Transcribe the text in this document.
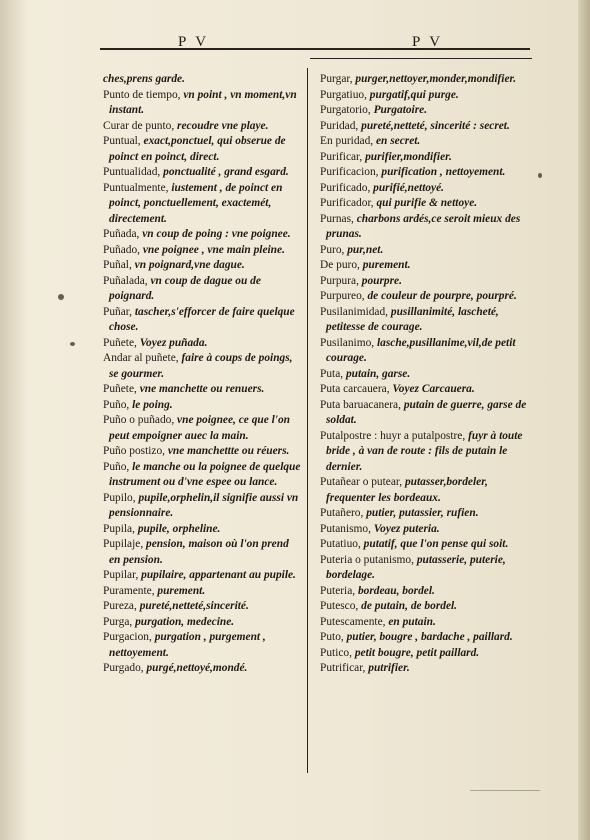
P V	P V

ches,prens garde.

Punto de tiempo, vn point , vn moment,vn instant.

Curar de punto, recoudre vne playe.

Puntual, exact,ponctuel, qui obserue de poinct en poinct, direct.

Puntualidad, ponctualité , grand esgard.

Puntualmente, iustement , de poinct en poinct, ponctuellement, exactemét, directement.

Puñada, vn coup de poing : vne poignee.

Puñado, vne poignee , vne main pleine.

Puñal, vn poignard,vne dague.

Puñalada, vn coup de dague ou de poignard.

Puñar, tascher,s'efforcer de faire quelque chose.

Puñete, Voyez puñada.

Andar al puñete, faire à coups de poings, se gourmer.

Puñete, vne manchette ou renuers.

Puño, le poing.

Puño o puñado, vne poignee, ce que l'on peut empoigner auec la main.

Puño postizo, vne manchettte ou réuers.

Puño, le manche ou la poignee de quelque instrument ou d'vne espee ou lance.

Pupilo, pupile,orphelin,il signifie aussi vn pensionnaire.

Pupila, pupile, orpheline.

Pupilaje, pension, maison où l'on prend en pension.

Pupilar, pupilaire, appartenant au pupile.

Puramente, purement.

Pureza, pureté,netteté,sincerité.

Purga, purgation, medecine.

Purgacion, purgation , purgement , nettoyement.

Purgado, purgé,nettoyé,mondé.

Purgar, purger,nettoyer,monder,mondifier.

Purgatiuo, purgatif,qui purge.

Purgatorio, Purgatoire.

Puridad, pureté,netteté, sincerité : secret.

En puridad, en secret.

Purificar, purifier,mondifier.

Purificacion, purification , nettoyement.

Purificado, purifié,nettoyé.

Purificador, qui purifie & nettoye.

Purnas, charbons ardés,ce seroit mieux des prunas.

Puro, pur,net.

De puro, purement.

Purpura, pourpre.

Purpureo, de couleur de pourpre, pourpré.

Pusilanimidad, pusillanimité, lascheté, petitesse de courage.

Pusilanimo, lasche,pusillanime,vil,de petit courage.

Puta, putain, garse.

Puta carcauera, Voyez Carcauera.

Puta baruacanera, putain de guerre, garse de soldat.

Putalpostre : huyr a putalpostre, fuyr à toute bride , à van de route : fils de putain le dernier.

Putañear o putear, putasser,bordeler, frequenter les bordeaux.

Putañero, putier, putassier, rufien.

Putanismo, Voyez puteria.

Putatiuo, putatif, que l'on pense qui soit.

Puteria o putanismo, putasserie, puterie, bordelage.

Puteria, bordeau, bordel.

Putesco, de putain, de bordel.

Putescamente, en putain.

Puto, putier, bougre , bardache , paillard.

Putico, petit bougre, petit paillard.

Putrificar, putrifier.
